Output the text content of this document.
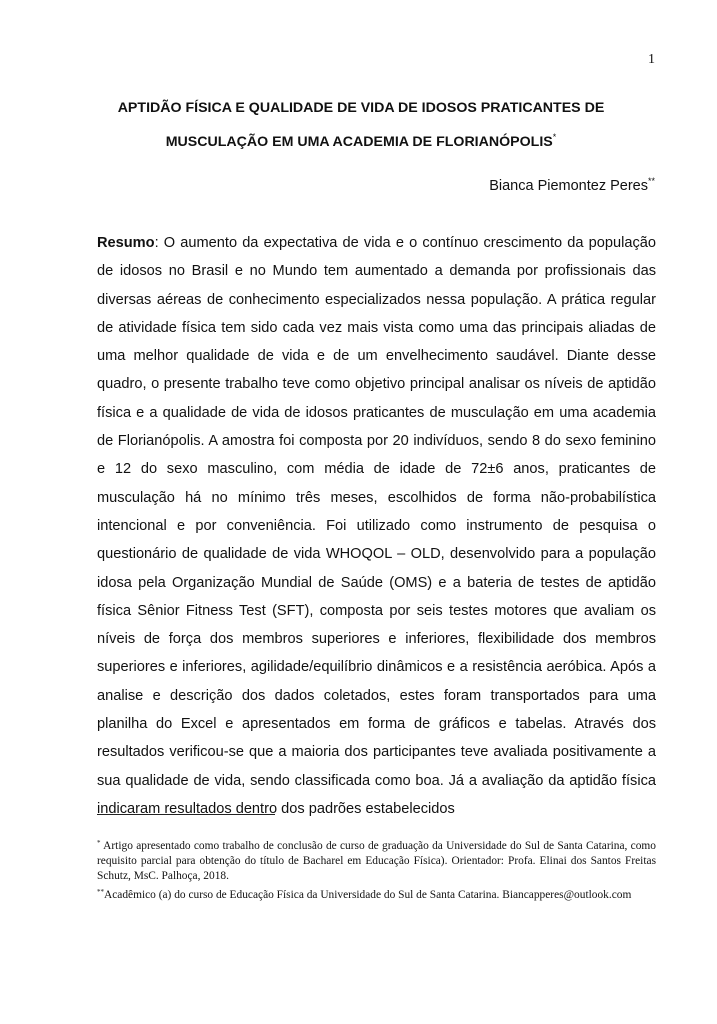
1
APTIDÃO FÍSICA E QUALIDADE DE VIDA DE IDOSOS PRATICANTES DE MUSCULAÇÃO EM UMA ACADEMIA DE FLORIANÓPOLIS*
Bianca Piemontez Peres**

Resumo: O aumento da expectativa de vida e o contínuo crescimento da população de idosos no Brasil e no Mundo tem aumentado a demanda por profissionais das diversas aéreas de conhecimento especializados nessa população. A prática regular de atividade física tem sido cada vez mais vista como uma das principais aliadas de uma melhor qualidade de vida e de um envelhecimento saudável. Diante desse quadro, o presente trabalho teve como objetivo principal analisar os níveis de aptidão física e a qualidade de vida de idosos praticantes de musculação em uma academia de Florianópolis. A amostra foi composta por 20 indivíduos, sendo 8 do sexo feminino e 12 do sexo masculino, com média de idade de 72±6 anos, praticantes de musculação há no mínimo três meses, escolhidos de forma não-probabilística intencional e por conveniência. Foi utilizado como instrumento de pesquisa o questionário de qualidade de vida WHOQOL – OLD, desenvolvido para a população idosa pela Organização Mundial de Saúde (OMS) e a bateria de testes de aptidão física Sênior Fitness Test (SFT), composta por seis testes motores que avaliam os níveis de força dos membros superiores e inferiores, flexibilidade dos membros superiores e inferiores, agilidade/equilíbrio dinâmicos e a resistência aeróbica. Após a analise e descrição dos dados coletados, estes foram transportados para uma planilha do Excel e apresentados em forma de gráficos e tabelas. Através dos resultados verificou-se que a maioria dos participantes teve avaliada positivamente a sua qualidade de vida, sendo classificada como boa. Já a avaliação da aptidão física indicaram resultados dentro dos padrões estabelecidos

* Artigo apresentado como trabalho de conclusão de curso de graduação da Universidade do Sul de Santa Catarina, como requisito parcial para obtenção do título de Bacharel em Educação Física). Orientador: Profa. Elinai dos Santos Freitas Schutz, MsC. Palhoça, 2018.

**Acadêmico (a) do curso de Educação Física da Universidade do Sul de Santa Catarina. Biancapperes@outlook.com
